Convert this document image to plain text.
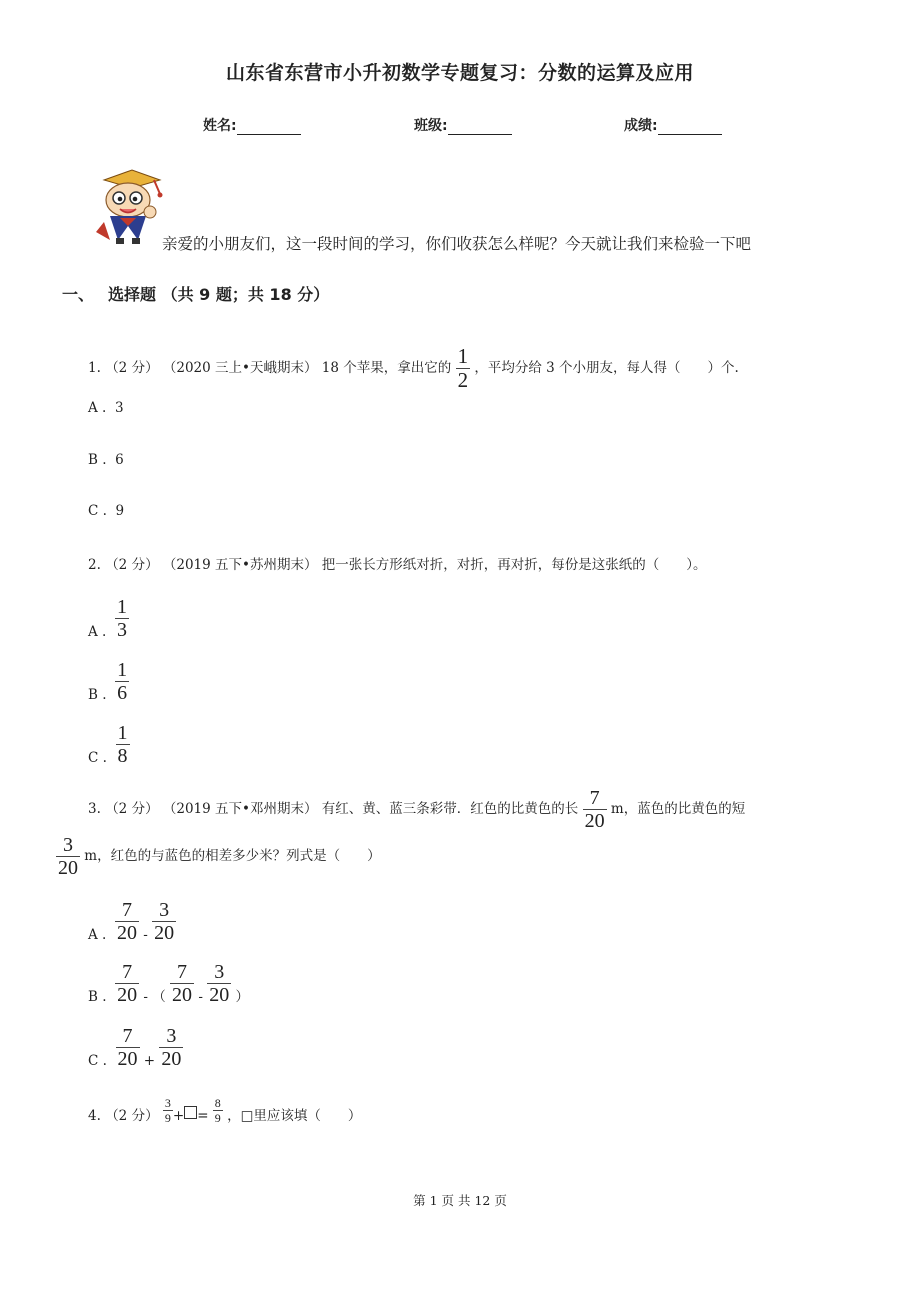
山东省东营市小升初数学专题复习：分数的运算及应用
姓名:	班级:	成绩:
亲爱的小朋友们，这一段时间的学习，你们收获怎么样呢？今天就让我们来检验一下吧
一、 选择题 （共 9 题；共 18 分）
1. （2 分） （2020 三上•天峨期末） 18 个苹果，拿出它的 $\frac{1}{2}$ ，平均分给 3 个小朋友，每人得（　　）个.
A . 3
B . 6
C . 9
2. （2 分） （2019 五下•苏州期末） 把一张长方形纸对折，对折，再对折，每份是这张纸的（　　）。
A . $\frac{1}{3}$
B . $\frac{1}{6}$
C . $\frac{1}{8}$
3. （2 分） （2019 五下•邓州期末） 有红、黄、蓝三条彩带．红色的比黄色的长 $\frac{7}{20}$ m，蓝色的比黄色的短
$\frac{3}{20}$ m，红色的与蓝色的相差多少米？列式是（　　）
A . $\frac{7}{20} - \frac{3}{20}$
B . $\frac{7}{20}$ - （ $\frac{7}{20} - \frac{3}{20}$ ）
C . $\frac{7}{20} + \frac{3}{20}$
4. （2 分） $\frac{3}{9}$ + = $\frac{8}{9}$ ，□里应该填（　　）
第 1 页 共 12 页
